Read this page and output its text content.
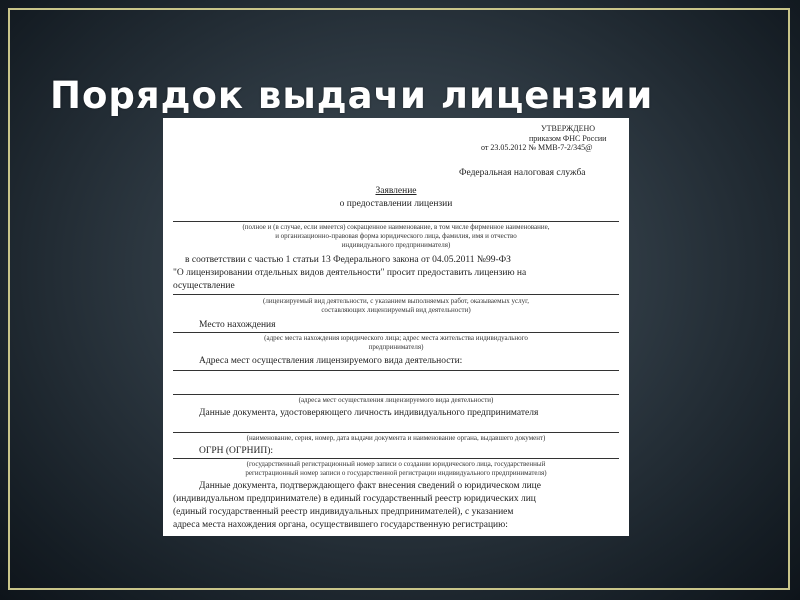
Порядок выдачи лицензии
УТВЕРЖДЕНО
приказом ФНС России
от 23.05.2012 № ММВ-7-2/345@
Федеральная налоговая служба
Заявление
о предоставлении лицензии
(полное и (в случае, если имеется) сокращенное наименование, в том числе фирменное наименование,
и организационно-правовая форма юридического лица, фамилия, имя и отчество
индивидуального предпринимателя)
в соответствии с частью 1 статьи 13 Федерального закона от 04.05.2011 №99-ФЗ
"О лицензировании отдельных видов деятельности" просит предоставить лицензию на
осуществление
(лицензируемый вид деятельности, с указанием выполняемых работ, оказываемых услуг,
составляющих лицензируемый вид деятельности)
Место нахождения
(адрес места нахождения юридического лица; адрес места жительства индивидуального
предпринимателя)
Адреса мест осуществления лицензируемого вида деятельности:
(адреса мест осуществления лицензируемого вида деятельности)
Данные документа, удостоверяющего личность индивидуального предпринимателя
(наименование, серия, номер, дата выдачи документа и наименование органа, выдавшего документ)
ОГРН (ОГРНИП):
(государственный регистрационный номер записи о создании юридического лица, государственный
регистрационный номер записи о государственной регистрации индивидуального предпринимателя)
Данные документа, подтверждающего факт внесения сведений о юридическом лице
(индивидуальном предпринимателе) в единый государственный реестр юридических лиц
(единый государственный реестр индивидуальных предпринимателей), с указанием
адреса места нахождения органа, осуществившего государственную регистрацию:
